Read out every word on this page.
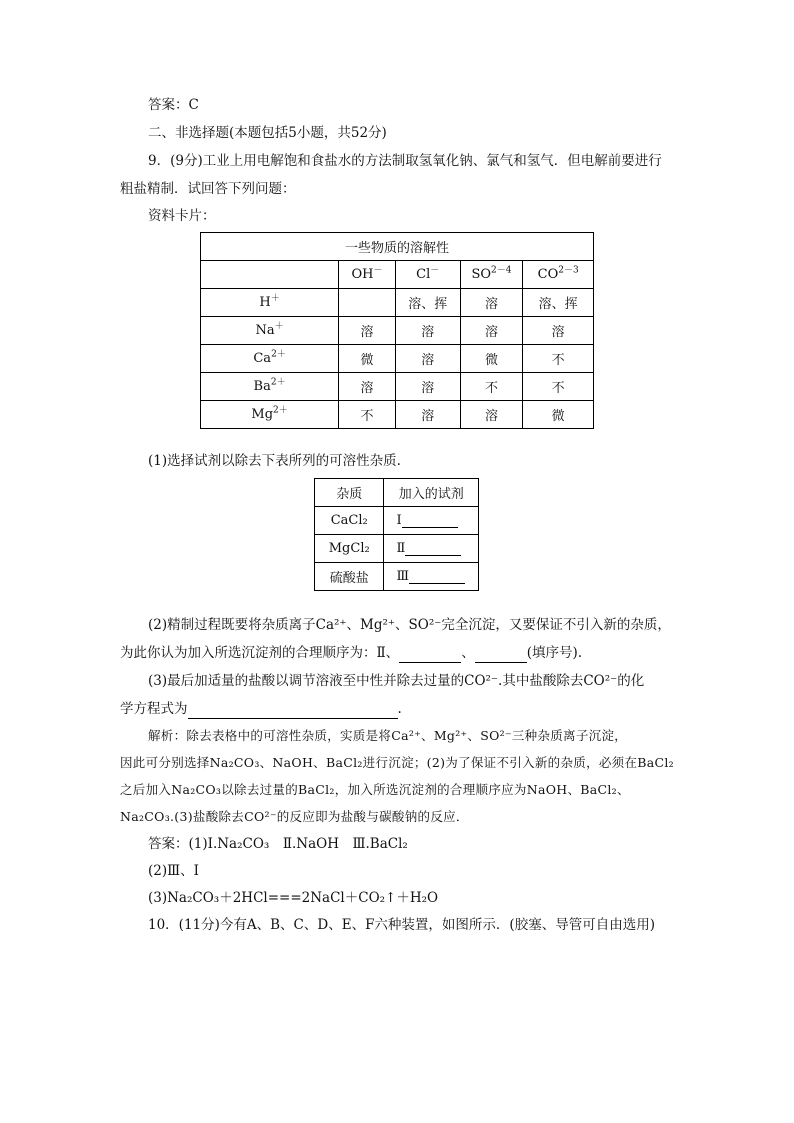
答案：C
二、非选择题(本题包括5小题，共52分)
9．(9分)工业上用电解饱和食盐水的方法制取氢氧化钠、氯气和氢气．但电解前要进行
粗盐精制．试回答下列问题：
资料卡片：
一些物质的溶解性				
	OH－	Cl－	$SO^{2-4}$	$CO^{2-3}$
H＋		溶、挥	溶	溶、挥
Na＋	溶	溶	溶	溶
$Ca^{2+}$	微	溶	微	不
$Ba^{2+}$	溶	溶	不	不
$Mg^{2+}$	不	溶	溶	微
(1)选择试剂以除去下表所列的可溶性杂质.
杂质	加入的试剂
CaCl₂	Ⅰ
MgCl₂	Ⅱ
硫酸盐	Ⅲ
(2)精制过程既要将杂质离子Ca²⁺、Mg²⁺、SO²⁻完全沉淀，又要保证不引入新的杂质，
为此你认为加入所选沉淀剂的合理顺序为：Ⅱ、	、	(填序号).
(3)最后加适量的盐酸以调节溶液至中性并除去过量的CO²⁻.其中盐酸除去CO²⁻的化
学方程式为	.
解析：除去表格中的可溶性杂质，实质是将Ca²⁺、Mg²⁺、SO²⁻三种杂质离子沉淀，
因此可分别选择Na₂CO₃、NaOH、BaCl₂进行沉淀；(2)为了保证不引入新的杂质，必须在BaCl₂
之后加入Na₂CO₃以除去过量的BaCl₂，加入所选沉淀剂的合理顺序应为NaOH、BaCl₂、
Na₂CO₃.(3)盐酸除去CO²⁻的反应即为盐酸与碳酸钠的反应．
答案：(1)Ⅰ.Na₂CO₃　Ⅱ.NaOH　Ⅲ.BaCl₂
(2)Ⅲ、Ⅰ
(3)Na₂CO₃＋2HCl===2NaCl＋CO₂↑＋H₂O
10．(11分)今有A、B、C、D、E、F六种装置，如图所示．(胶塞、导管可自由选用)
